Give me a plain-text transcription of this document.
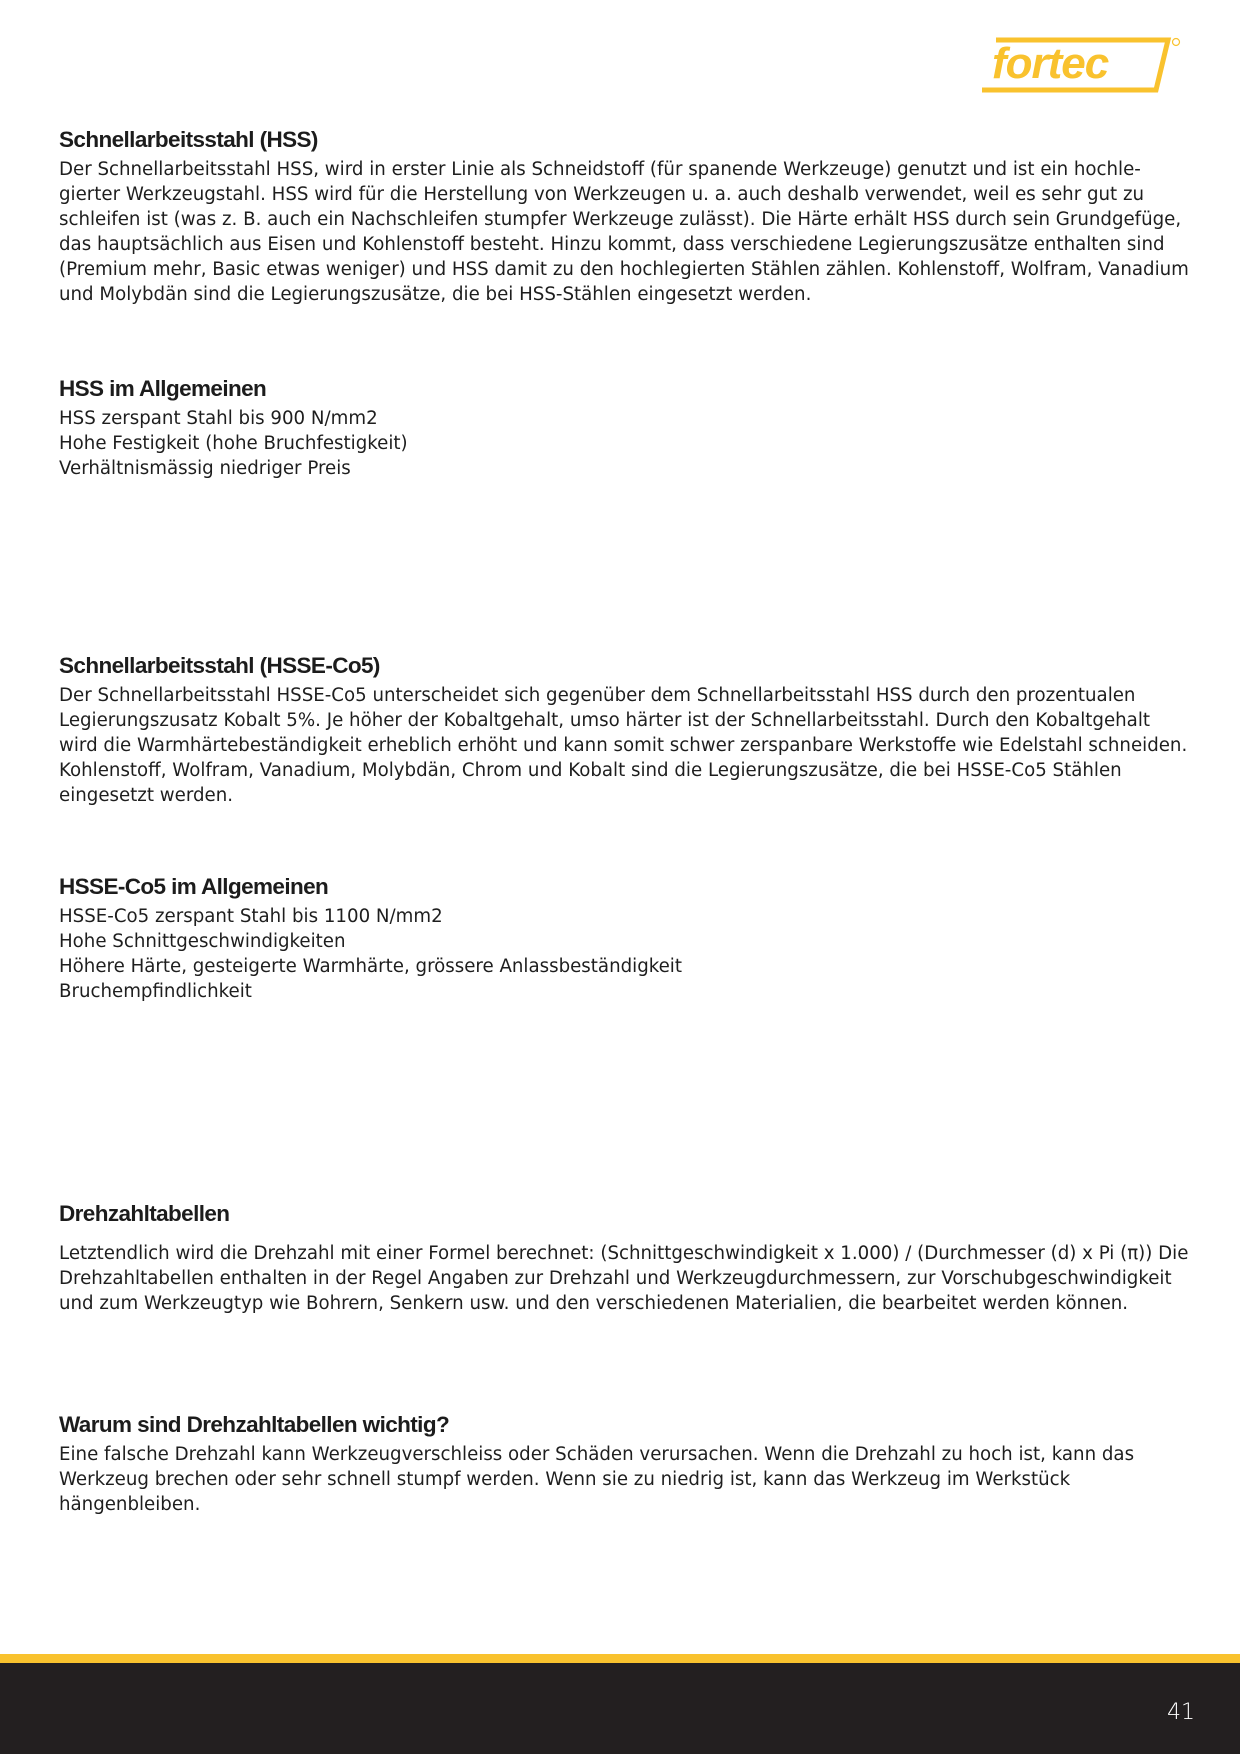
fortec
Schnellarbeitsstahl (HSS)

Der Schnellarbeitsstahl HSS, wird in erster Linie als Schneidstoff (für spanende Werkzeuge) genutzt und ist ein hochle-gierter Werkzeugstahl. HSS wird für die Herstellung von Werkzeugen u. a. auch deshalb verwendet, weil es sehr gut zu schleifen ist (was z. B. auch ein Nachschleifen stumpfer Werkzeuge zulässt). Die Härte erhält HSS durch sein Grundgefüge, das hauptsächlich aus Eisen und Kohlenstoff besteht. Hinzu kommt, dass verschiedene Legierungszusätze enthalten sind (Premium mehr, Basic etwas weniger) und HSS damit zu den hochlegierten Stählen zählen. Kohlenstoff, Wolfram, Vanadium und Molybdän sind die Legierungszusätze, die bei HSS-Stählen eingesetzt werden.

HSS im Allgemeinen
HSS zerspant Stahl bis 900 N/mm2
Hohe Festigkeit (hohe Bruchfestigkeit)
Verhältnismässig niedriger Preis
Schnellarbeitsstahl (HSSE-Co5)

Der Schnellarbeitsstahl HSSE-Co5 unterscheidet sich gegenüber dem Schnellarbeitsstahl HSS durch den prozentualen Legierungszusatz Kobalt 5%. Je höher der Kobaltgehalt, umso härter ist der Schnellarbeitsstahl. Durch den Kobaltgehalt wird die Warmhärtebeständigkeit erheblich erhöht und kann somit schwer zerspanbare Werkstoffe wie Edelstahl schneiden. Kohlenstoff, Wolfram, Vanadium, Molybdän, Chrom und Kobalt sind die Legierungszusätze, die bei HSSE-Co5 Stählen eingesetzt werden.

HSSE-Co5 im Allgemeinen
HSSE-Co5 zerspant Stahl bis 1100 N/mm2
Hohe Schnittgeschwindigkeiten
Höhere Härte, gesteigerte Warmhärte, grössere Anlassbeständigkeit
Bruchempfindlichkeit
Drehzahltabellen

Letztendlich wird die Drehzahl mit einer Formel berechnet: (Schnittgeschwindigkeit x 1.000) / (Durchmesser (d) x Pi (π)) Die Drehzahltabellen enthalten in der Regel Angaben zur Drehzahl und Werkzeugdurchmessern, zur Vorschubgeschwindigkeit und zum Werkzeugtyp wie Bohrern, Senkern usw. und den verschiedenen Materialien, die bearbeitet werden können.

Warum sind Drehzahltabellen wichtig?

Eine falsche Drehzahl kann Werkzeugverschleiss oder Schäden verursachen. Wenn die Drehzahl zu hoch ist, kann das Werkzeug brechen oder sehr schnell stumpf werden. Wenn sie zu niedrig ist, kann das Werkzeug im Werkstück hängenbleiben.

41
